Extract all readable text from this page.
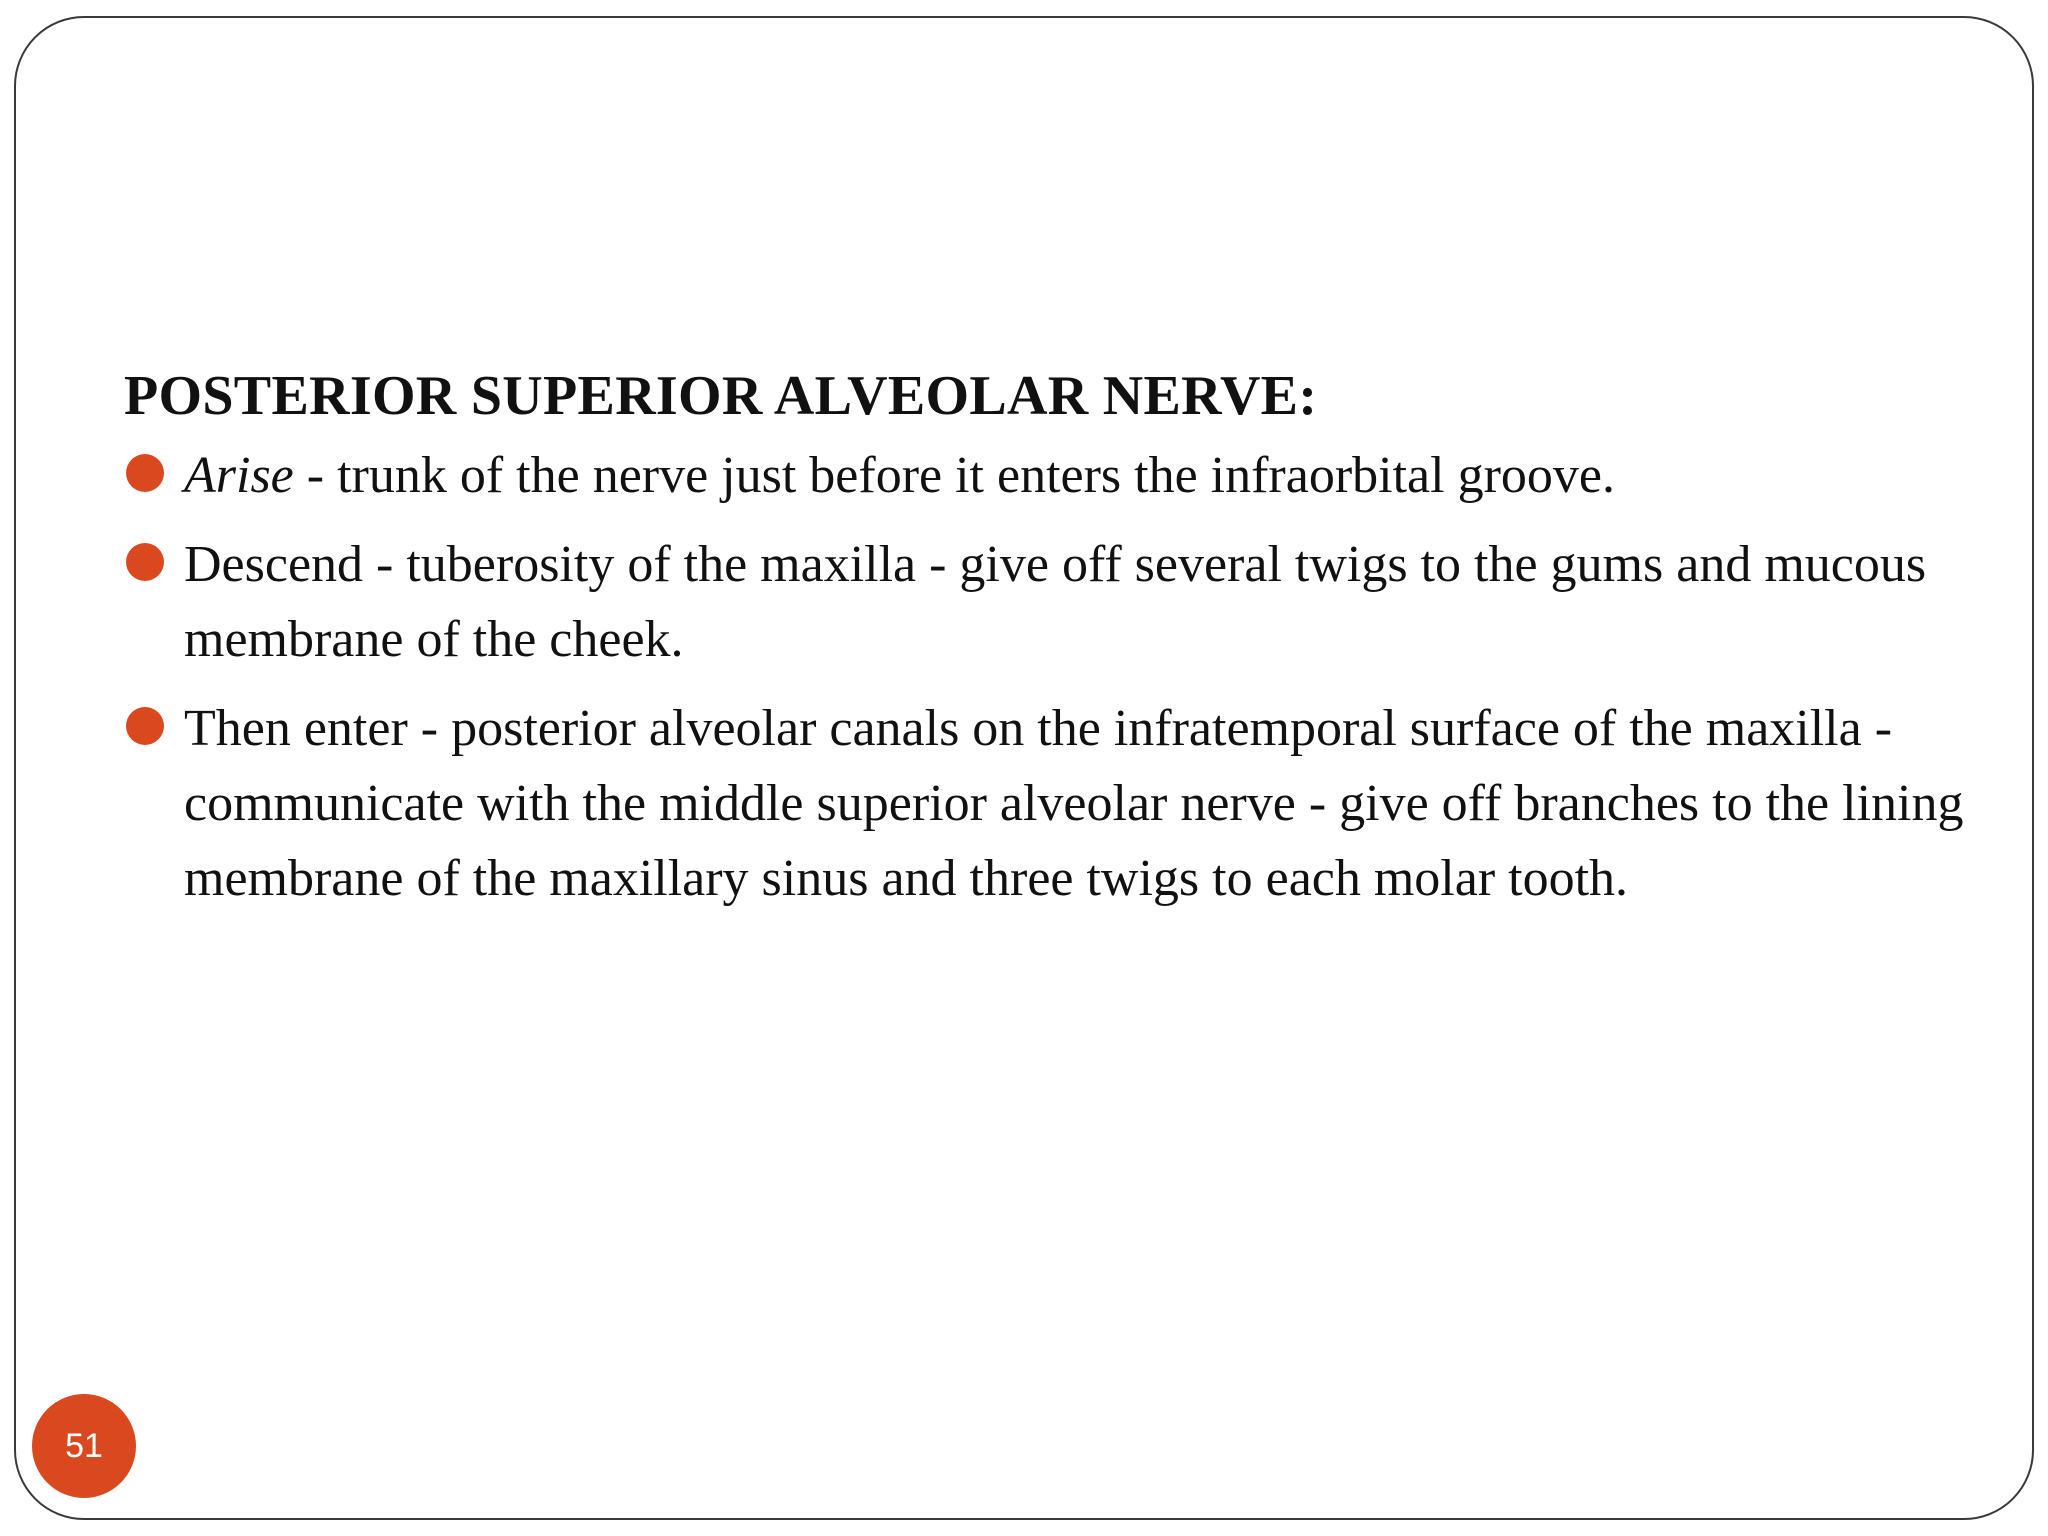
POSTERIOR SUPERIOR ALVEOLAR NERVE:
Arise - trunk of the nerve just before it enters the infraorbital groove.
Descend - tuberosity of the maxilla - give off several twigs to the gums and mucous membrane of the cheek.
Then enter - posterior alveolar canals on the infratemporal surface of the maxilla - communicate with the middle superior alveolar nerve - give off branches to the lining membrane of the maxillary sinus and three twigs to each molar tooth.
51
